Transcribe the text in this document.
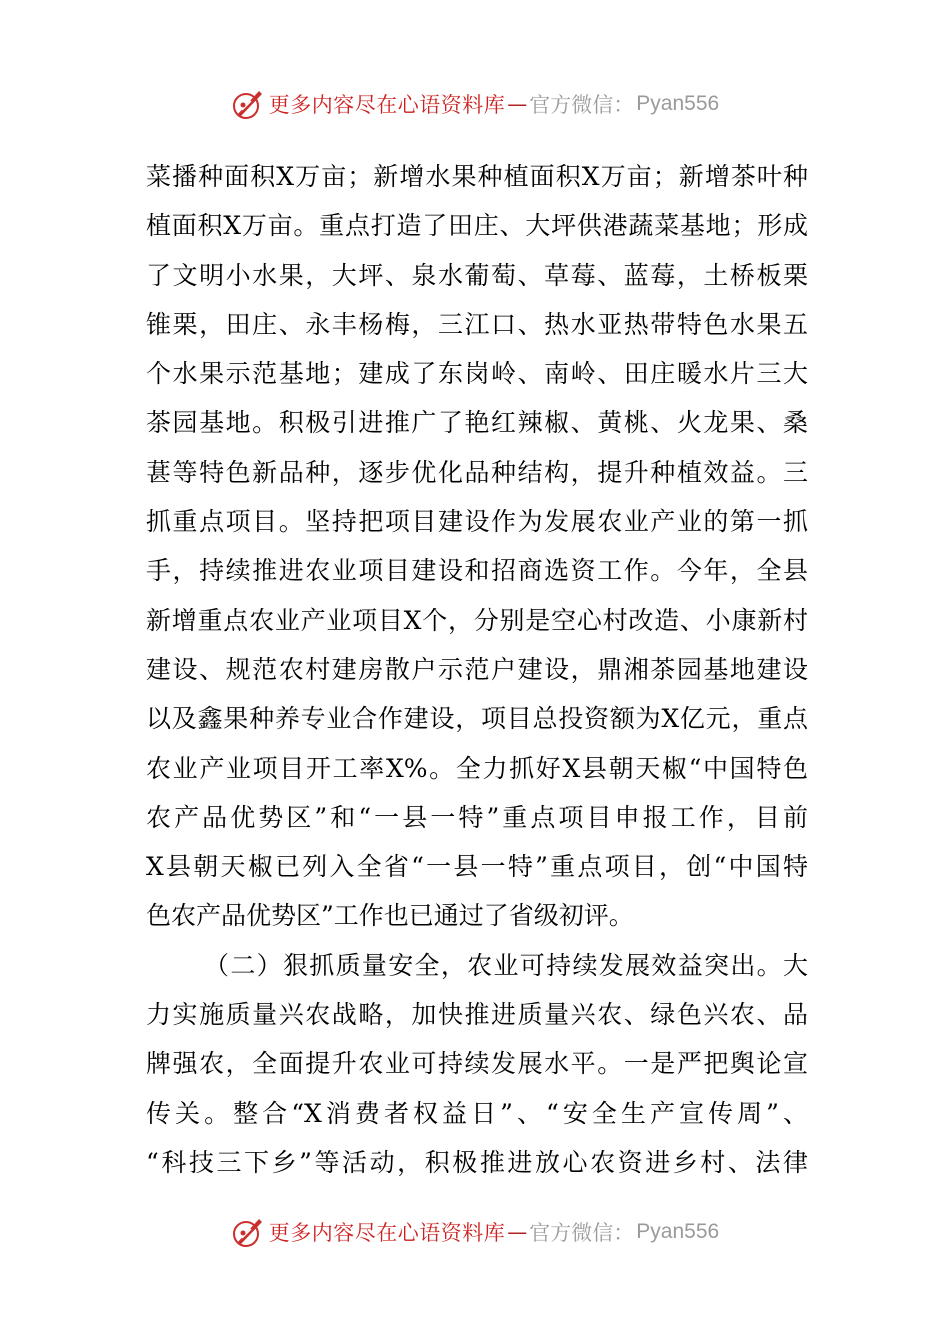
更多内容尽在心语资料库 — 官方微信： Pyan556
菜播种面积X万亩；新增水果种植面积X万亩；新增茶叶种
植面积X万亩。重点打造了田庄、大坪供港蔬菜基地；形成
了文明小水果，大坪、泉水葡萄、草莓、蓝莓，土桥板栗
锥栗，田庄、永丰杨梅，三江口、热水亚热带特色水果五
个水果示范基地；建成了东岗岭、南岭、田庄暖水片三大
茶园基地。积极引进推广了艳红辣椒、黄桃、火龙果、桑
葚等特色新品种，逐步优化品种结构，提升种植效益。三
抓重点项目。坚持把项目建设作为发展农业产业的第一抓
手，持续推进农业项目建设和招商选资工作。今年，全县
新增重点农业产业项目X个，分别是空心村改造、小康新村
建设、规范农村建房散户示范户建设，鼎湘茶园基地建设
以及鑫果种养专业合作建设，项目总投资额为X亿元，重点
农业产业项目开工率X%。全力抓好X县朝天椒“中国特色
农产品优势区”和“一县一特”重点项目申报工作，目前
X县朝天椒已列入全省“一县一特”重点项目，创“中国特
色农产品优势区”工作也已通过了省级初评。
（二）狠抓质量安全，农业可持续发展效益突出。大
力实施质量兴农战略，加快推进质量兴农、绿色兴农、品
牌强农，全面提升农业可持续发展水平。一是严把舆论宣
传关。整合“X消费者权益日”、“安全生产宣传周”、
“科技三下乡”等活动，积极推进放心农资进乡村、法律
更多内容尽在心语资料库 — 官方微信： Pyan556
